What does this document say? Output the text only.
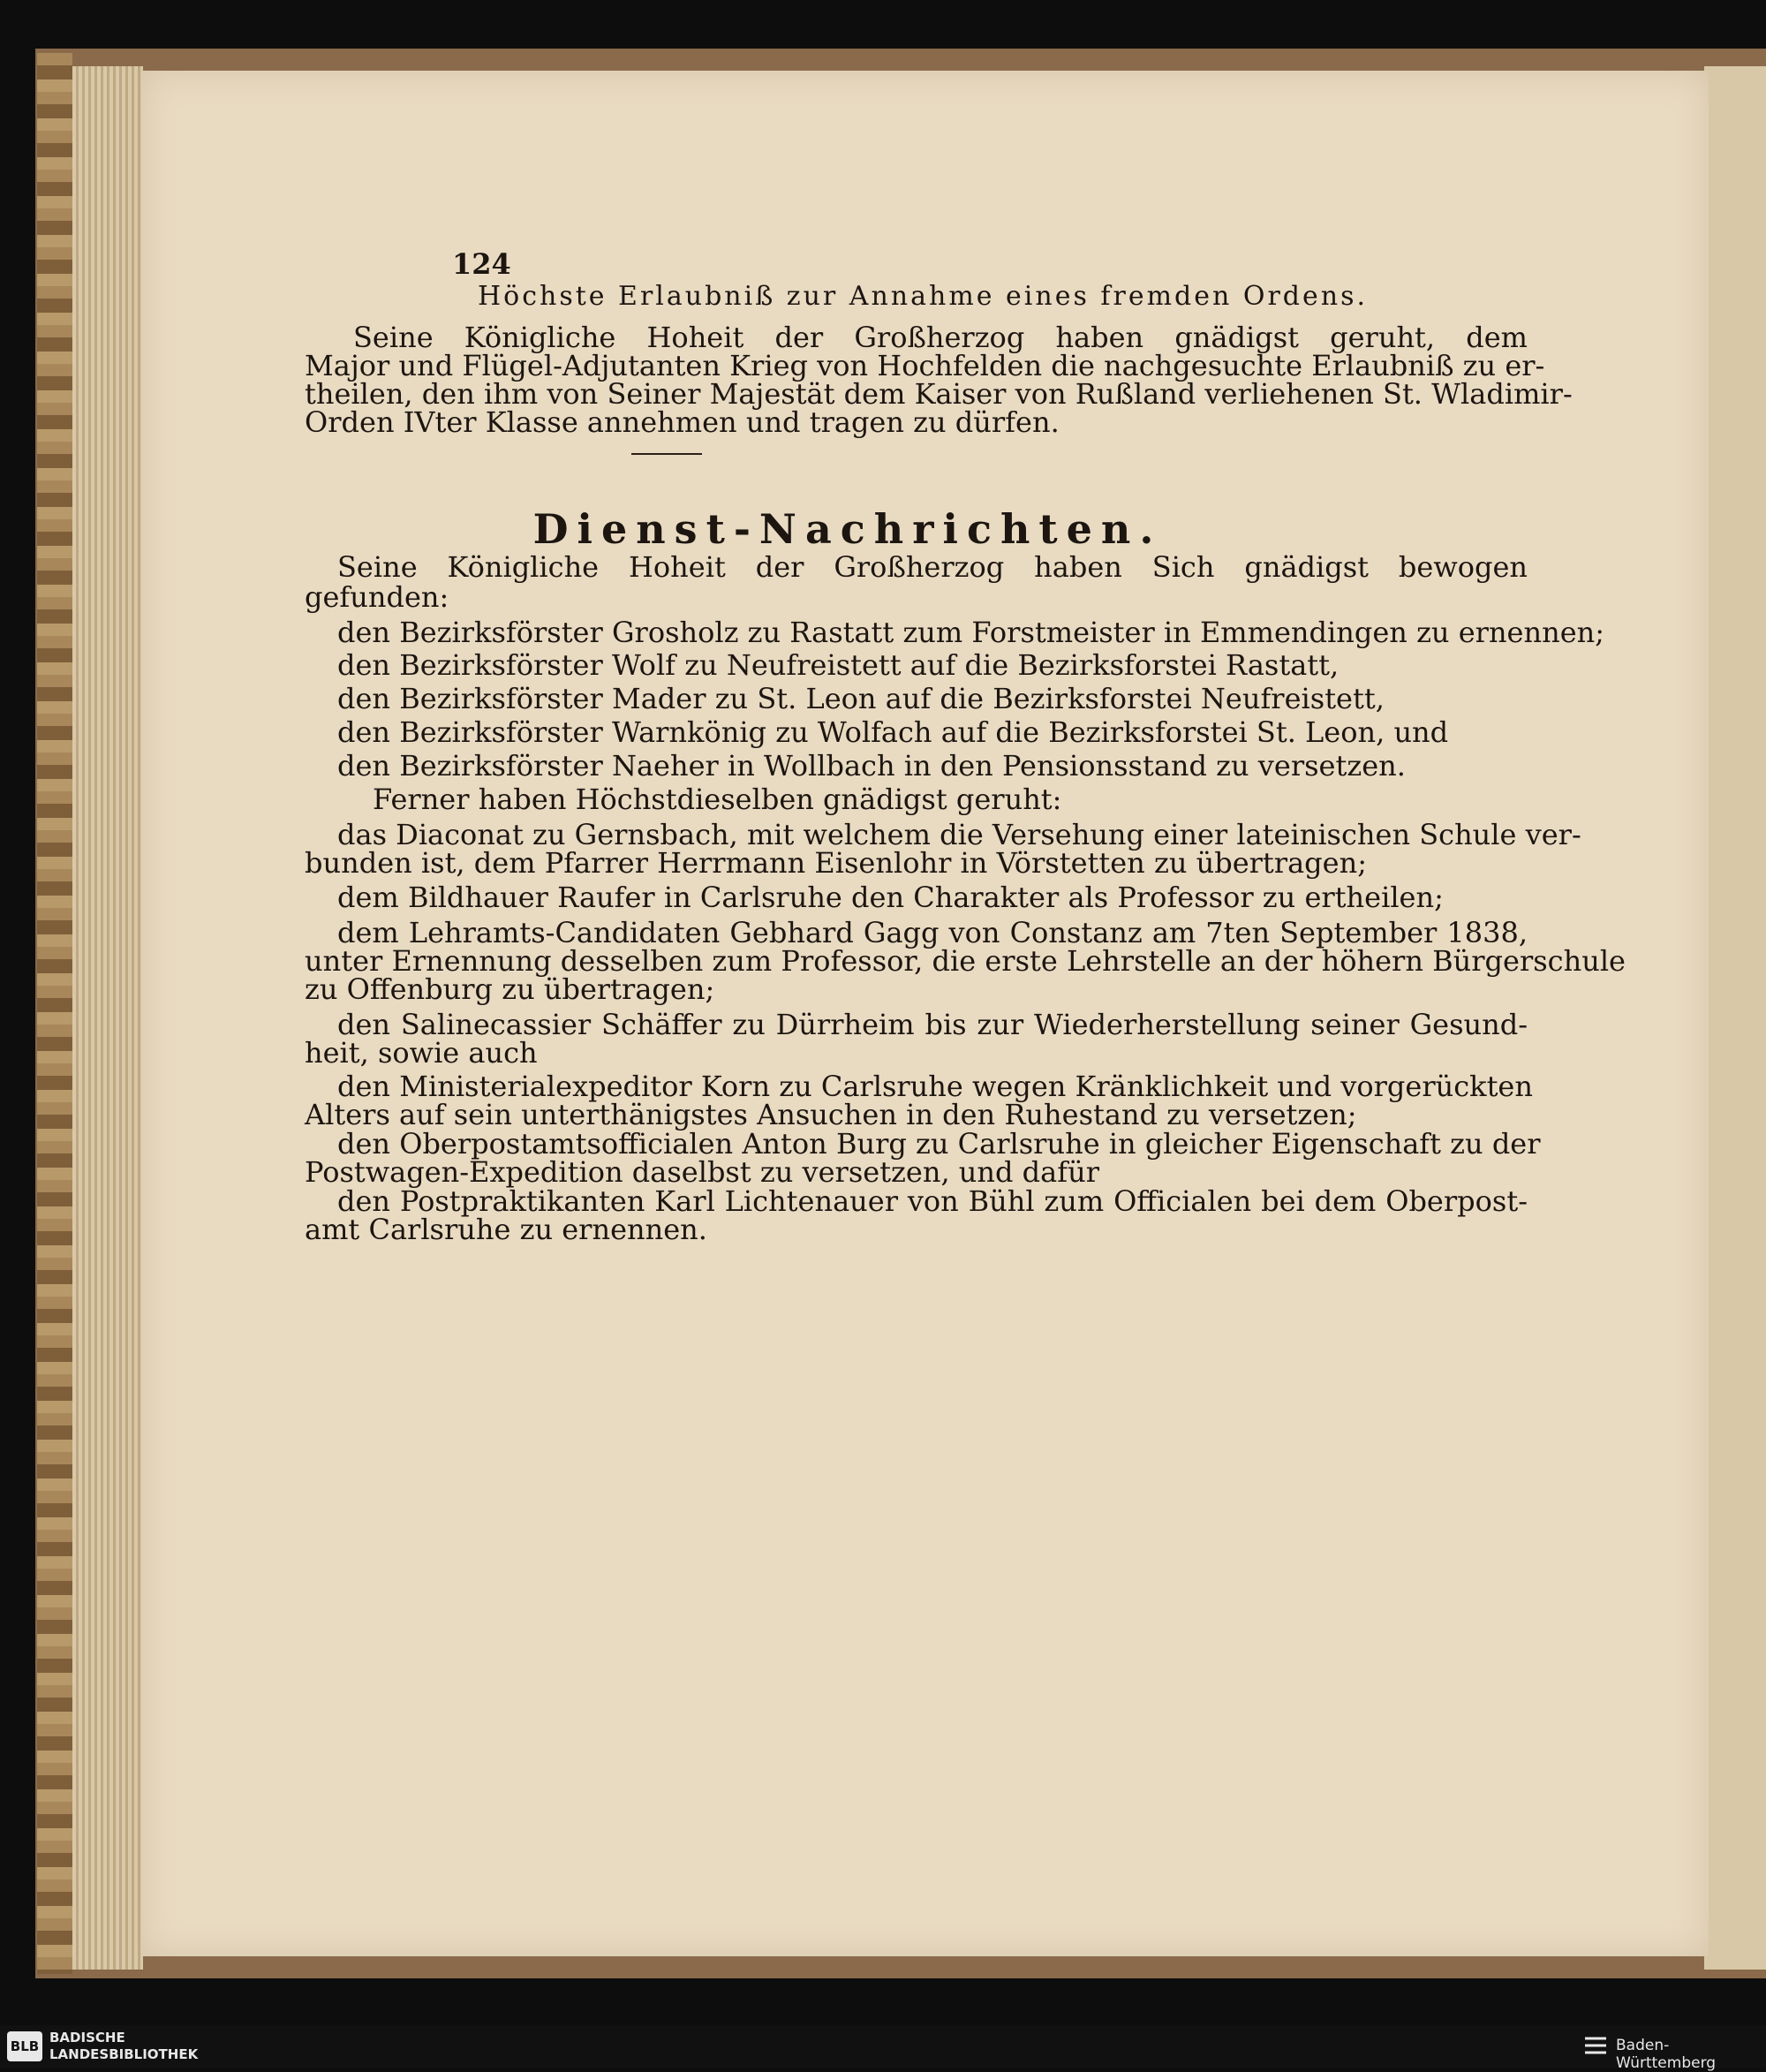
124
Höchste Erlaubniß zur Annahme eines fremden Ordens.
Seine Königliche Hoheit der Großherzog haben gnädigst geruht, dem
Major und Flügel-Adjutanten Krieg von Hochfelden die nachgesuchte Erlaubniß zu er-
theilen, den ihm von Seiner Majestät dem Kaiser von Rußland verliehenen St. Wladimir-
Orden IVter Klasse annehmen und tragen zu dürfen.
Dienst-Nachrichten.
Seine Königliche Hoheit der Großherzog haben Sich gnädigst bewogen
gefunden:
den Bezirksförster Grosholz zu Rastatt zum Forstmeister in Emmendingen zu ernennen;
den Bezirksförster Wolf zu Neufreistett auf die Bezirksforstei Rastatt,
den Bezirksförster Mader zu St. Leon auf die Bezirksforstei Neufreistett,
den Bezirksförster Warnkönig zu Wolfach auf die Bezirksforstei St. Leon, und
den Bezirksförster Naeher in Wollbach in den Pensionsstand zu versetzen.
Ferner haben Höchstdieselben gnädigst geruht:
das Diaconat zu Gernsbach, mit welchem die Versehung einer lateinischen Schule ver-
bunden ist, dem Pfarrer Herrmann Eisenlohr in Vörstetten zu übertragen;
dem Bildhauer Raufer in Carlsruhe den Charakter als Professor zu ertheilen;
dem Lehramts-Candidaten Gebhard Gagg von Constanz am 7ten September 1838,
unter Ernennung desselben zum Professor, die erste Lehrstelle an der höhern Bürgerschule
zu Offenburg zu übertragen;
den Salinecassier Schäffer zu Dürrheim bis zur Wiederherstellung seiner Gesund-
heit, sowie auch
den Ministerialexpeditor Korn zu Carlsruhe wegen Kränklichkeit und vorgerückten
Alters auf sein unterthänigstes Ansuchen in den Ruhestand zu versetzen;
den Oberpostamtsofficialen Anton Burg zu Carlsruhe in gleicher Eigenschaft zu der
Postwagen-Expedition daselbst zu versetzen, und dafür
den Postpraktikanten Karl Lichtenauer von Bühl zum Officialen bei dem Oberpost-
amt Carlsruhe zu ernennen.
BLB
BADISCHE
LANDESBIBLIOTHEK	Baden-Württemberg
